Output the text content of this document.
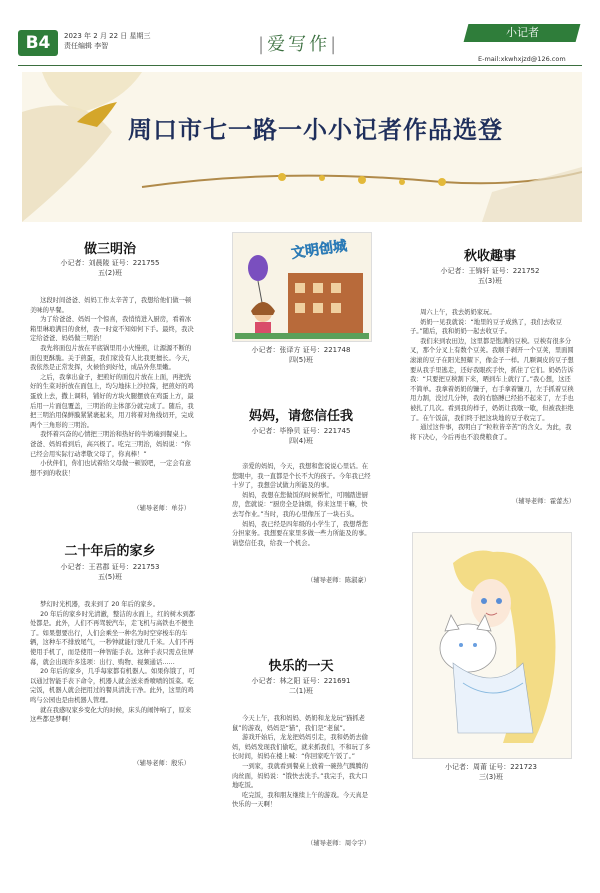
B4	2023 年 2 月 22 日 星期三
责任编辑 李智	|爱写作|
小记者
E-mail:xkwhxjzd@126.com
周口市七一路一小小记者作品选登
做三明治
小记者：刘晨陵 证号：221755
五(2)班

这段时间爸爸、妈妈工作太辛苦了，我想给他们做一顿美味的早餐。

为了给爸爸、妈妈一个惊喜，我悄悄进入厨房，看着冰箱里琳琅满目的食材，我一时竟不知如何下手。最终，我决定给爸爸、妈妈做三明治！

我先将面包片放在平底锅里用小火慢煎，让源源不断的面包更酥脆。关于煎蛋，我们家没有人比我更擅长。今天，我依然是正常发挥，火候恰到好处，成品外焦里嫩。

之后，我拿出盒子，把煎好的面包片放在上面，再把洗好的生菜对折放在面包上，均匀地抹上沙拉酱，把煎好的鸡蛋放上去，撒上调料，铺好的方块火腿摆放在鸡蛋上方，最后用一片面包覆盖，三明治的主体部分就完成了。随后，我把三明治用保鲜膜紧紧裹起来，用刀将着对角线切开，完成两个三角形的三明治。

我怀着兴奋的心情把三明治和热好的牛奶端到餐桌上。爸爸、妈妈看到后，高兴极了。吃完三明治，妈妈说：“你已经会用实际行动孝敬父母了，你真棒！”

小伙伴们，你们也试着给父母做一顿饭吧，一定会有意想不到的收获！

（辅导老师：单芬）
二十年后的家乡
小记者：王君郡 证号：221753
五(5)班

梦幻时光机器，我来到了 20 年后的家乡。

20 年后的家乡时光清澈，整洁的水面上，红的树木到都处都是。此外，人们不再驾驶汽车，走飞机与高铁也不便坐了。如果想要出行，人们会乘坐一种名为时空穿梭车的车辆，这种车不排放尾气，一秒钟就能行驶几千米。人们不再使用手机了，而是使用一种智能手表。这种手表只需点住屏幕，就会出现许多选项：出行、购物、视频通话……

20 年后的家乡，几乎每家都有机器人。如果你饿了，可以通过智能手表下命令，机器人就会送来香喷喷的饭菜。吃完饭，机器人就会把用过的餐具清洗干净。此外，这里的鸡鸣与公园也是由机器人管理。

就在我感叹家乡变化大的时候，床头的闹钟响了，原来这些都是梦啊！

（辅导老师：殷乐）
文明创城
小记者：张译方 证号：221748
四(5)班
妈妈，请您信任我
小记者：毕铮贝 证号：221745
四(4)班

亲爱的妈妈，今天，我想和您说说心里话。在您眼中，我一直都是个长不大的孩子。今年我已经十岁了，我想尝试做力所能及的事。

妈妈，我想在您做饭的时候帮忙，可刚踏进厨房，您就说：“厨房全是油烟，你来这里干嘛，快去写作业。”当时，我的心里像压了一块石头。

妈妈，我已经是四年级的小学生了，我想帮您分担家务。我想要在家里多做一些力所能及的事。请您信任我，给我一个机会。

（辅导老师：陈淑豪）
快乐的一天
小记者：林之阳 证号：221691
二(1)班

今天上午，我和妈妈、奶奶和龙龙玩“猫抓老鼠”的游戏，妈妈是“猫”，我们是“老鼠”。

游戏开始后，龙龙把妈妈引走，我和奶奶去偷妈，妈妈发现我们偷吃，就来抓我们，不和玩了多长时间，妈妈在楼上喊：“你回家吃午饭了。”

一到家，我就看到餐桌上放着一碗热气腾腾的肉丝面，妈妈说：“饿快去洗手。”我完手，我大口地吃饭。

吃完饭，我和朋友继续上午的游戏。今天真是快乐的一天啊！

（辅导老师：周令宇）
秋收趣事
小记者：王锦轩 证号：221752
五(3)班

周六上午，我去奶奶家玩。

奶奶一见我就说：“地里的豆子成熟了，我们去收豆子。”随后，我和奶奶一起去收豆子。

我们来到农田边，这里都是饱满的豆秧。豆秧有很多分叉，那个分叉上有数个豆荚。我顺手剥开一个豆荚，里面圆滚滚的豆子在阳光照耀下，像金子一样。几颗调皮的豆子想要从我手里逃走，还好我眼疾手快，抓住了它们。奶奶告诉我：“只要把豆秧割下来，晒到车上就行了。”我心想，这还不简单。我拿着奶奶的镰子，右手拿着镰刀，左手抓着豆秧用力割，没过几分钟，我的右胳膊已经抬不起来了，左手也被扎了几次。看到我的样子，奶奶让我歇一歇，但被我拒绝了。在午饭前，我们终于把这块地的豆子收完了。

通过这件事，我明白了“粒粒皆辛苦”的含义。为此，我将下决心，今后再也不浪费粮食了。

（辅导老师：霍蕾杰）
小记者：周莆 证号：221723
三(3)班
